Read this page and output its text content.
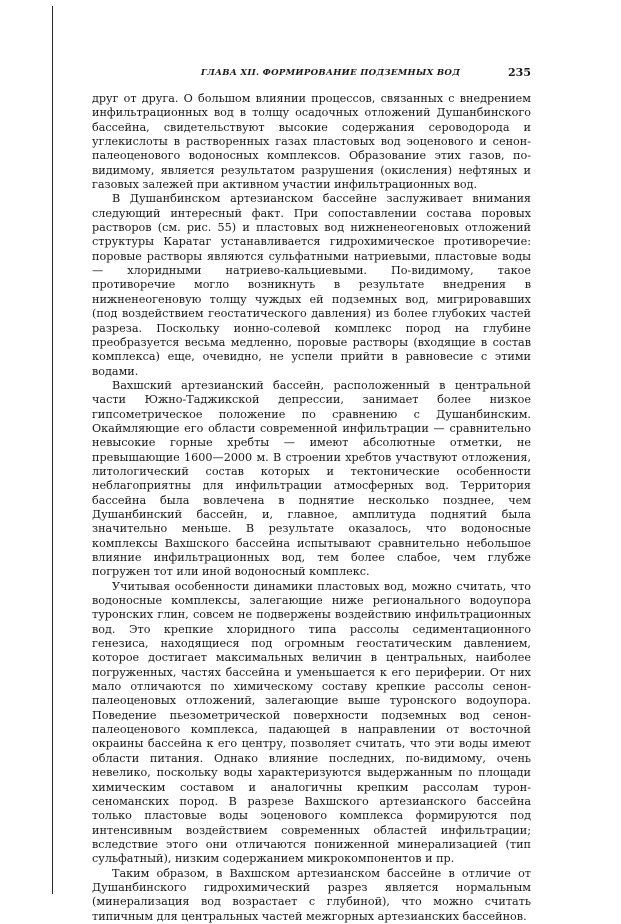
ГЛАВА XII. ФОРМИРОВАНИЕ ПОДЗЕМНЫХ ВОД	235

друг от друга. О большом влиянии процессов, связанных с внедрением инфильтрационных вод в толщу осадочных отложений Душанбинского бассейна, свидетельствуют высокие содержания сероводорода и углекислоты в растворенных газах пластовых вод эоценового и сенон-палеоценового водоносных комплексов. Образование этих газов, по-видимому, является результатом разрушения (окисления) нефтяных и газовых залежей при активном участии инфильтрационных вод.

В Душанбинском артезианском бассейне заслуживает внимания следующий интересный факт. При сопоставлении состава поровых растворов (см. рис. 55) и пластовых вод нижненеогеновых отложений структуры Каратаг устанавливается гидрохимическое противоречие: поровые растворы являются сульфатными натриевыми, пластовые воды — хлоридными натриево-кальциевыми. По-видимому, такое противоречие могло возникнуть в результате внедрения в нижненеогеновую толщу чуждых ей подземных вод, мигрировавших (под воздействием геостатического давления) из более глубоких частей разреза. Поскольку ионно-солевой комплекс пород на глубине преобразуется весьма медленно, поровые растворы (входящие в состав комплекса) еще, очевидно, не успели прийти в равновесие с этими водами.

Вахшский артезианский бассейн, расположенный в центральной части Южно-Таджикской депрессии, занимает более низкое гипсометрическое положение по сравнению с Душанбинским. Окаймляющие его области современной инфильтрации — сравнительно невысокие горные хребты — имеют абсолютные отметки, не превышающие 1600—2000 м. В строении хребтов участвуют отложения, литологический состав которых и тектонические особенности неблагоприятны для инфильтрации атмосферных вод. Территория бассейна была вовлечена в поднятие несколько позднее, чем Душанбинский бассейн, и, главное, амплитуда поднятий была значительно меньше. В результате оказалось, что водоносные комплексы Вахшского бассейна испытывают сравнительно небольшое влияние инфильтрационных вод, тем более слабое, чем глубже погружен тот или иной водоносный комплекс.

Учитывая особенности динамики пластовых вод, можно считать, что водоносные комплексы, залегающие ниже регионального водоупора туронских глин, совсем не подвержены воздействию инфильтрационных вод. Это крепкие хлоридного типа рассолы седиментационного генезиса, находящиеся под огромным геостатическим давлением, которое достигает максимальных величин в центральных, наиболее погруженных, частях бассейна и уменьшается к его периферии. От них мало отличаются по химическому составу крепкие рассолы сенон-палеоценовых отложений, залегающие выше туронского водоупора. Поведение пьезометрической поверхности подземных вод сенон-палеоценового комплекса, падающей в направлении от восточной окраины бассейна к его центру, позволяет считать, что эти воды имеют области питания. Однако влияние последних, по-видимому, очень невелико, поскольку воды характеризуются выдержанным по площади химическим составом и аналогичны крепким рассолам турон-сеноманских пород. В разрезе Вахшского артезианского бассейна только пластовые воды эоценового комплекса формируются под интенсивным воздействием современных областей инфильтрации; вследствие этого они отличаются пониженной минерализацией (тип сульфатный), низким содержанием микрокомпонентов и пр.

Таким образом, в Вахшском артезианском бассейне в отличие от Душанбинского гидрохимический разрез является нормальным (минерализация вод возрастает с глубиной), что можно считать типичным для центральных частей межгорных артезианских бассейнов.
